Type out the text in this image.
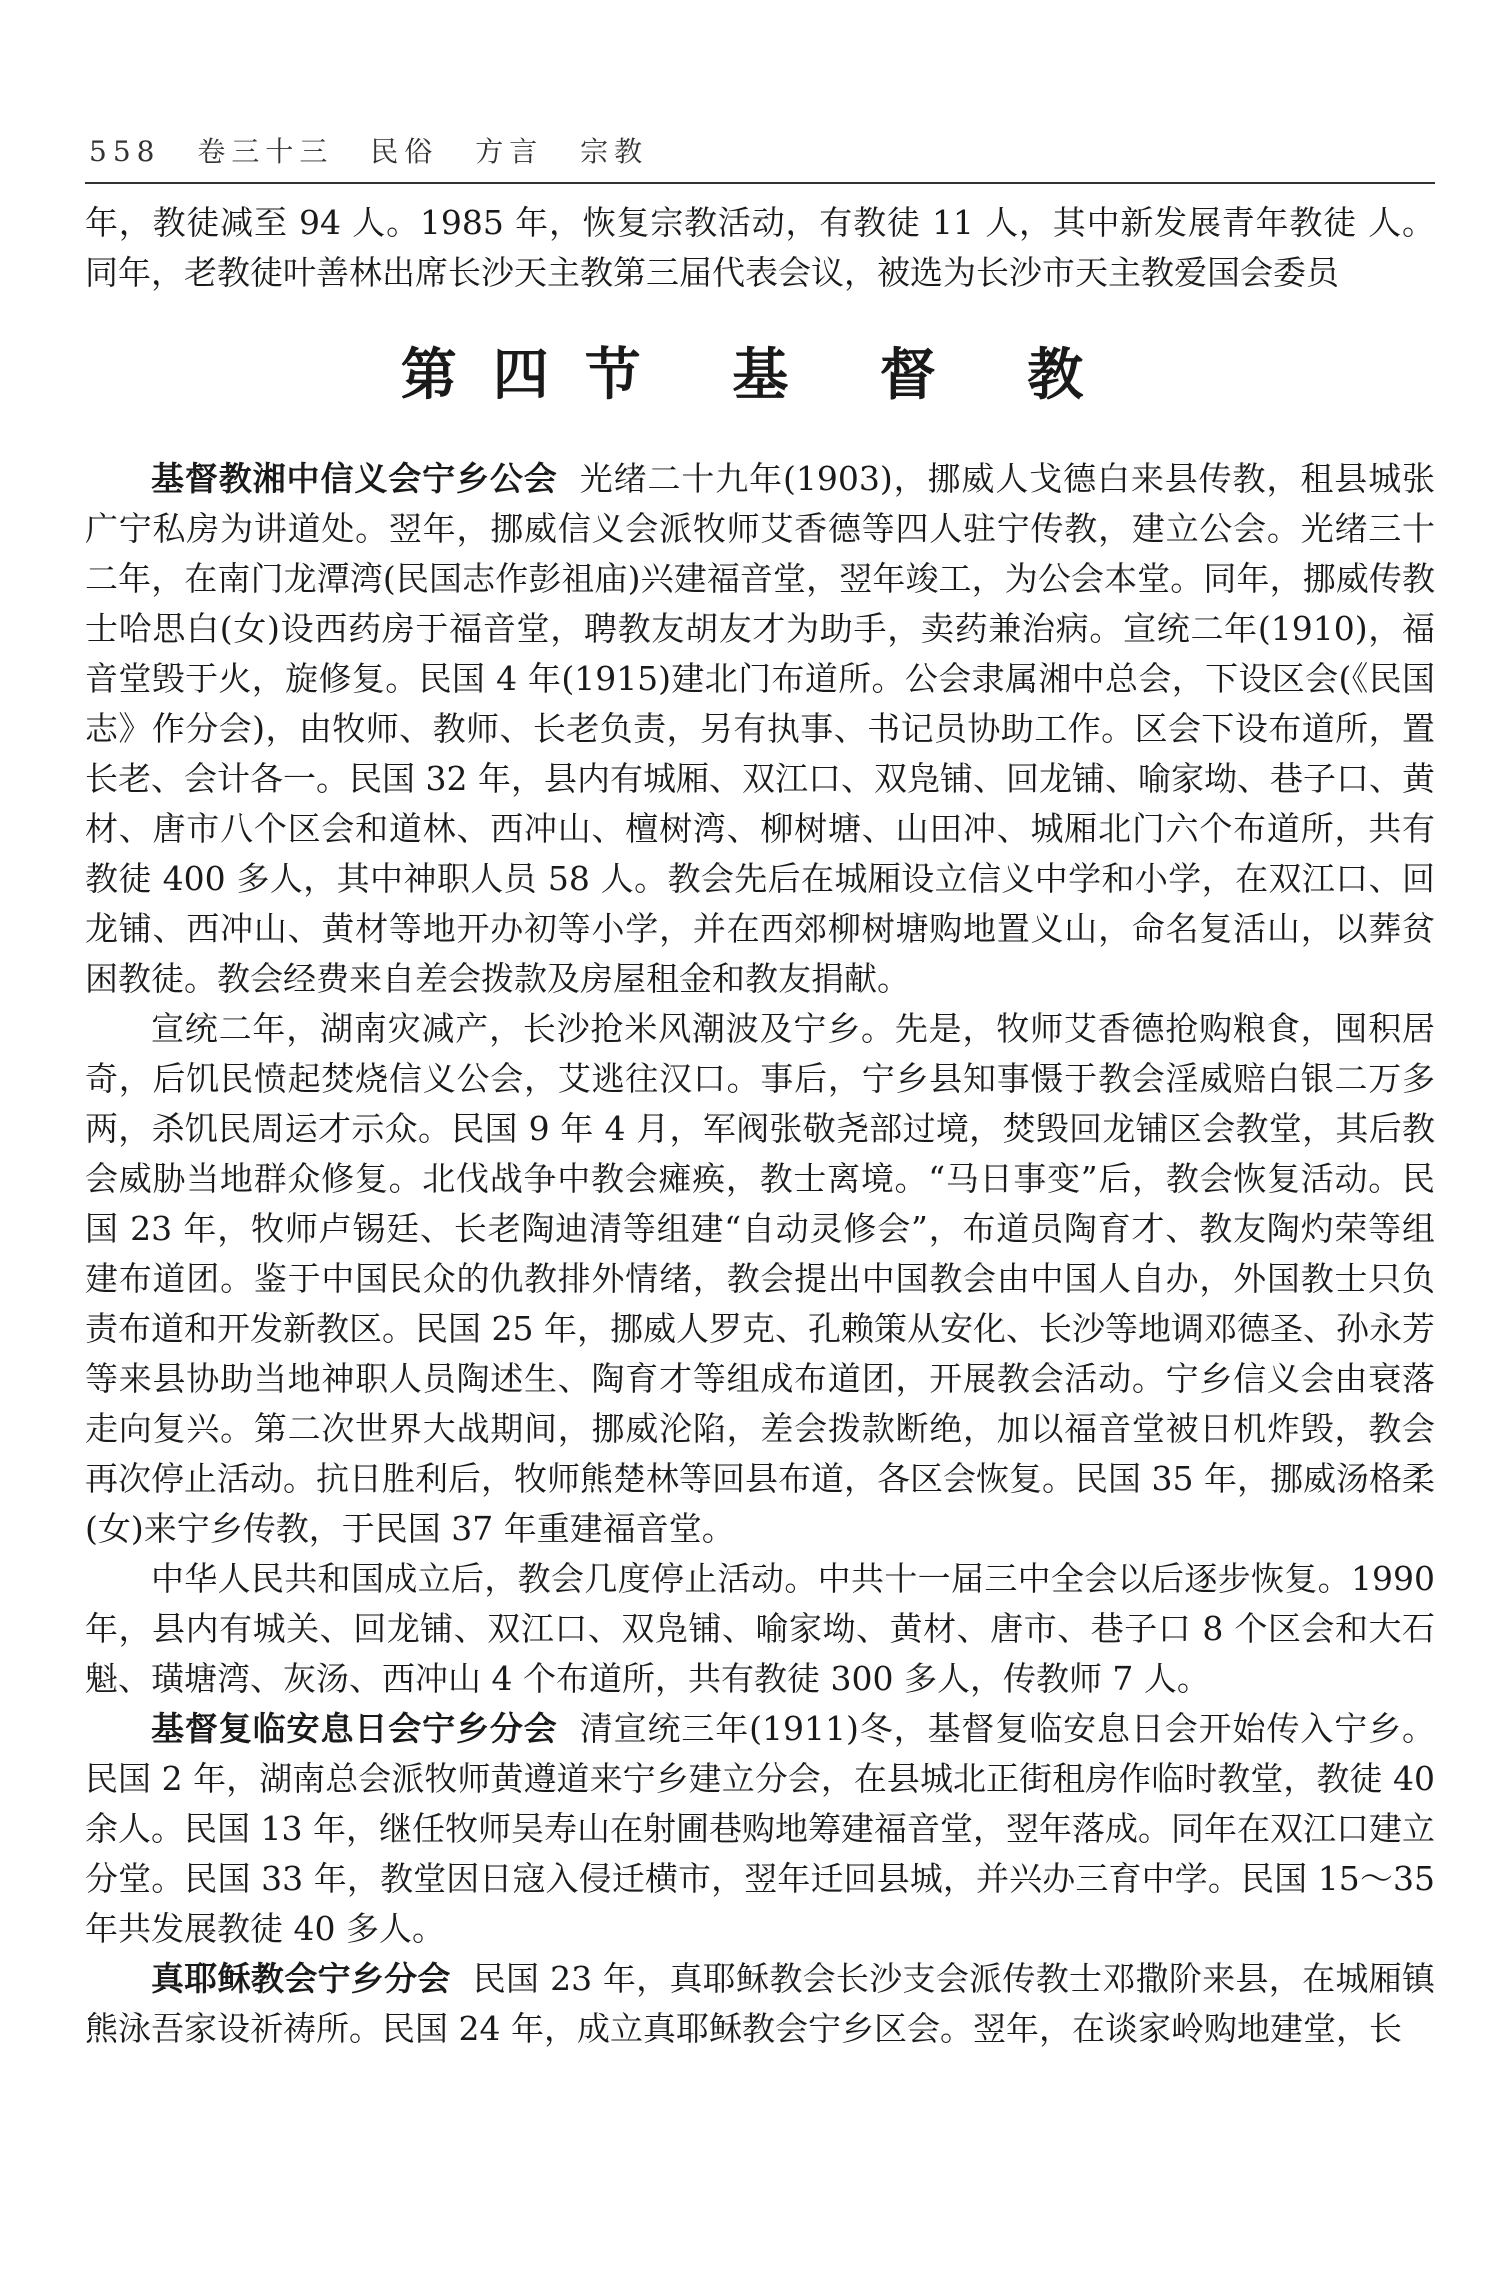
558 卷三十三 民俗 方言 宗教

年，教徒减至 94 人。1985 年，恢复宗教活动，有教徒 11 人，其中新发展青年教徒 人。同年，老教徒叶善林出席长沙天主教第三届代表会议，被选为长沙市天主教爱国会委员

第四节 基 督 教

基督教湘中信义会宁乡公会 光绪二十九年(1903)，挪威人戈德白来县传教，租县城张广宁私房为讲道处。翌年，挪威信义会派牧师艾香德等四人驻宁传教，建立公会。光绪三十二年，在南门龙潭湾(民国志作彭祖庙)兴建福音堂，翌年竣工，为公会本堂。同年，挪威传教士哈思白(女)设西药房于福音堂，聘教友胡友才为助手，卖药兼治病。宣统二年(1910)，福音堂毁于火，旋修复。民国 4 年(1915)建北门布道所。公会隶属湘中总会，下设区会(《民国志》作分会)，由牧师、教师、长老负责，另有执事、书记员协助工作。区会下设布道所，置长老、会计各一。民国 32 年，县内有城厢、双江口、双凫铺、回龙铺、喻家坳、巷子口、黄材、唐市八个区会和道林、西冲山、檀树湾、柳树塘、山田冲、城厢北门六个布道所，共有教徒 400 多人，其中神职人员 58 人。教会先后在城厢设立信义中学和小学，在双江口、回龙铺、西冲山、黄材等地开办初等小学，并在西郊柳树塘购地置义山，命名复活山，以葬贫困教徒。教会经费来自差会拨款及房屋租金和教友捐献。

宣统二年，湖南灾减产，长沙抢米风潮波及宁乡。先是，牧师艾香德抢购粮食，囤积居奇，后饥民愤起焚烧信义公会，艾逃往汉口。事后，宁乡县知事慑于教会淫威赔白银二万多两，杀饥民周运才示众。民国 9 年 4 月，军阀张敬尧部过境，焚毁回龙铺区会教堂，其后教会威胁当地群众修复。北伐战争中教会瘫痪，教士离境。“马日事变”后，教会恢复活动。民国 23 年，牧师卢锡廷、长老陶迪清等组建“自动灵修会”，布道员陶育才、教友陶灼荣等组建布道团。鉴于中国民众的仇教排外情绪，教会提出中国教会由中国人自办，外国教士只负责布道和开发新教区。民国 25 年，挪威人罗克、孔赖策从安化、长沙等地调邓德圣、孙永芳等来县协助当地神职人员陶述生、陶育才等组成布道团，开展教会活动。宁乡信义会由衰落走向复兴。第二次世界大战期间，挪威沦陷，差会拨款断绝，加以福音堂被日机炸毁，教会再次停止活动。抗日胜利后，牧师熊楚林等回县布道，各区会恢复。民国 35 年，挪威汤格柔(女)来宁乡传教，于民国 37 年重建福音堂。

中华人民共和国成立后，教会几度停止活动。中共十一届三中全会以后逐步恢复。1990 年，县内有城关、回龙铺、双江口、双凫铺、喻家坳、黄材、唐市、巷子口 8 个区会和大石魁、璜塘湾、灰汤、西冲山 4 个布道所，共有教徒 300 多人，传教师 7 人。

基督复临安息日会宁乡分会 清宣统三年(1911)冬，基督复临安息日会开始传入宁乡。民国 2 年，湖南总会派牧师黄遵道来宁乡建立分会，在县城北正街租房作临时教堂，教徒 40 余人。民国 13 年，继任牧师吴寿山在射圃巷购地筹建福音堂，翌年落成。同年在双江口建立分堂。民国 33 年，教堂因日寇入侵迁横市，翌年迁回县城，并兴办三育中学。民国 15～35 年共发展教徒 40 多人。

真耶稣教会宁乡分会 民国 23 年，真耶稣教会长沙支会派传教士邓撒阶来县，在城厢镇熊泳吾家设祈祷所。民国 24 年，成立真耶稣教会宁乡区会。翌年，在谈家岭购地建堂，长
